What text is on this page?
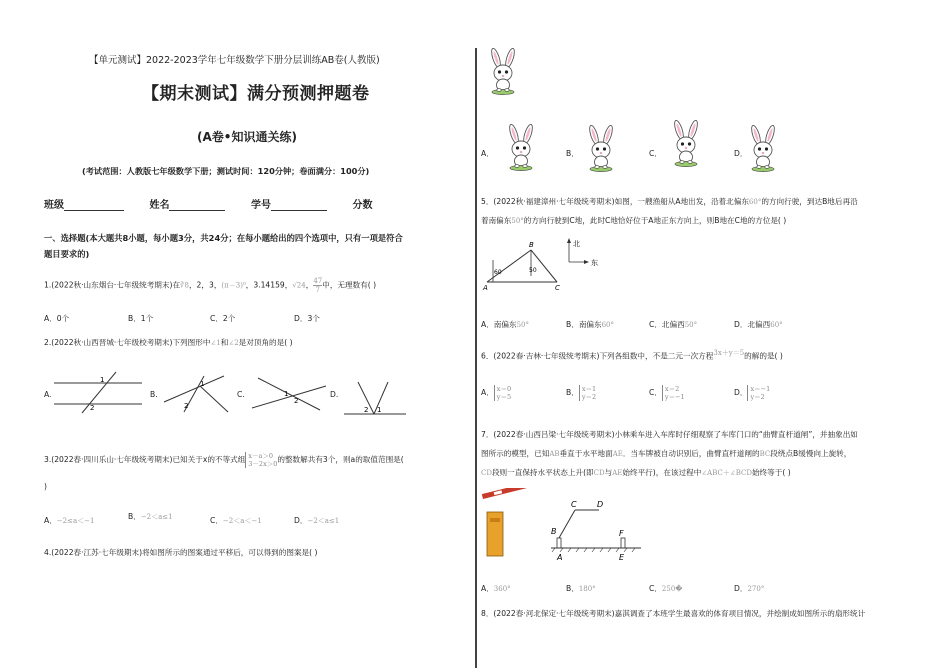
【单元测试】2022-2023学年七年级数学下册分层训练AB卷(人教版)
【期末测试】满分预测押题卷
(A卷•知识通关练)
(考试范围：人教版七年级数学下册；测试时间：120分钟；卷面满分：100分)
班级	姓名	学号	分数
一、选择题(本大题共8小题，每小题3分，共24分；在每小题给出的四个选项中，只有一项是符合
题目要求的)
1.(2022秋·山东烟台·七年级统考期末)在∛8，2，3，(π－3)⁰，3.14159，√24， $\frac{47}{7}$ 中，无理数有( )
A．0个	B．1个	C．2个	D．3个
2.(2022秋·山西晋城·七年级校考期末)下列图形中∠1和∠2是对顶角的是( )
A.
1
2
B.
1
2
C.	1
2
D.
2 1
3.(2022春·四川乐山·七年级统考期末)已知关于x的不等式组 x－a＞0
3－2x＞0 的整数解共有3个，则a的取值范围是(
)
A．−2≤a＜−1	B．−2＜a≤1	C．−2＜a＜−1	D．−2＜a≤1
4.(2022春·江苏·七年级期末)将如图所示的图案通过平移后，可以得到的图案是( )
A．	B．	C．	D．
5．(2022秋·福建漳州·七年级统考期末)如图，一艘渔船从A地出发，沿着北偏东60°的方向行驶，到达B地后再沿
着南偏东50°的方向行驶到C地，此时C地恰好位于A地正东方向上，则B地在C地的方位是( )
北
东
60	50
A
B
C
A．南偏东50°	B．南偏东60°	C．北偏西50°	D．北偏西60°
6．(2022春·吉林·七年级统考期末)下列各组数中，不是二元一次方程3x＋y＝5的解的是( )
A． x＝0
y＝5	B． x＝1
y＝2	C． x＝2
y＝−1	D． x＝−1
y＝2
7．(2022春·山西吕梁·七年级统考期末)小林乘车进入车库时仔细观察了车库门口的“曲臂直杆道闸”，并抽象出如
图所示的模型，已知AB垂直于水平地面AE．当车牌被自动识别后，曲臂直杆道闸的BC段绕点B缓慢向上旋转，
CD段则一直保持水平状态上升(即CD与AE始终平行)，在该过程中∠ABC＋∠BCD始终等于( )
B
C	D
F
A	E
A．360°	B．180°	C．250�	D．270°
8．(2022春·河北保定·七年级统考期末)嘉淇调查了本班学生最喜欢的体育项目情况，并绘制成如图所示的扇形统计
